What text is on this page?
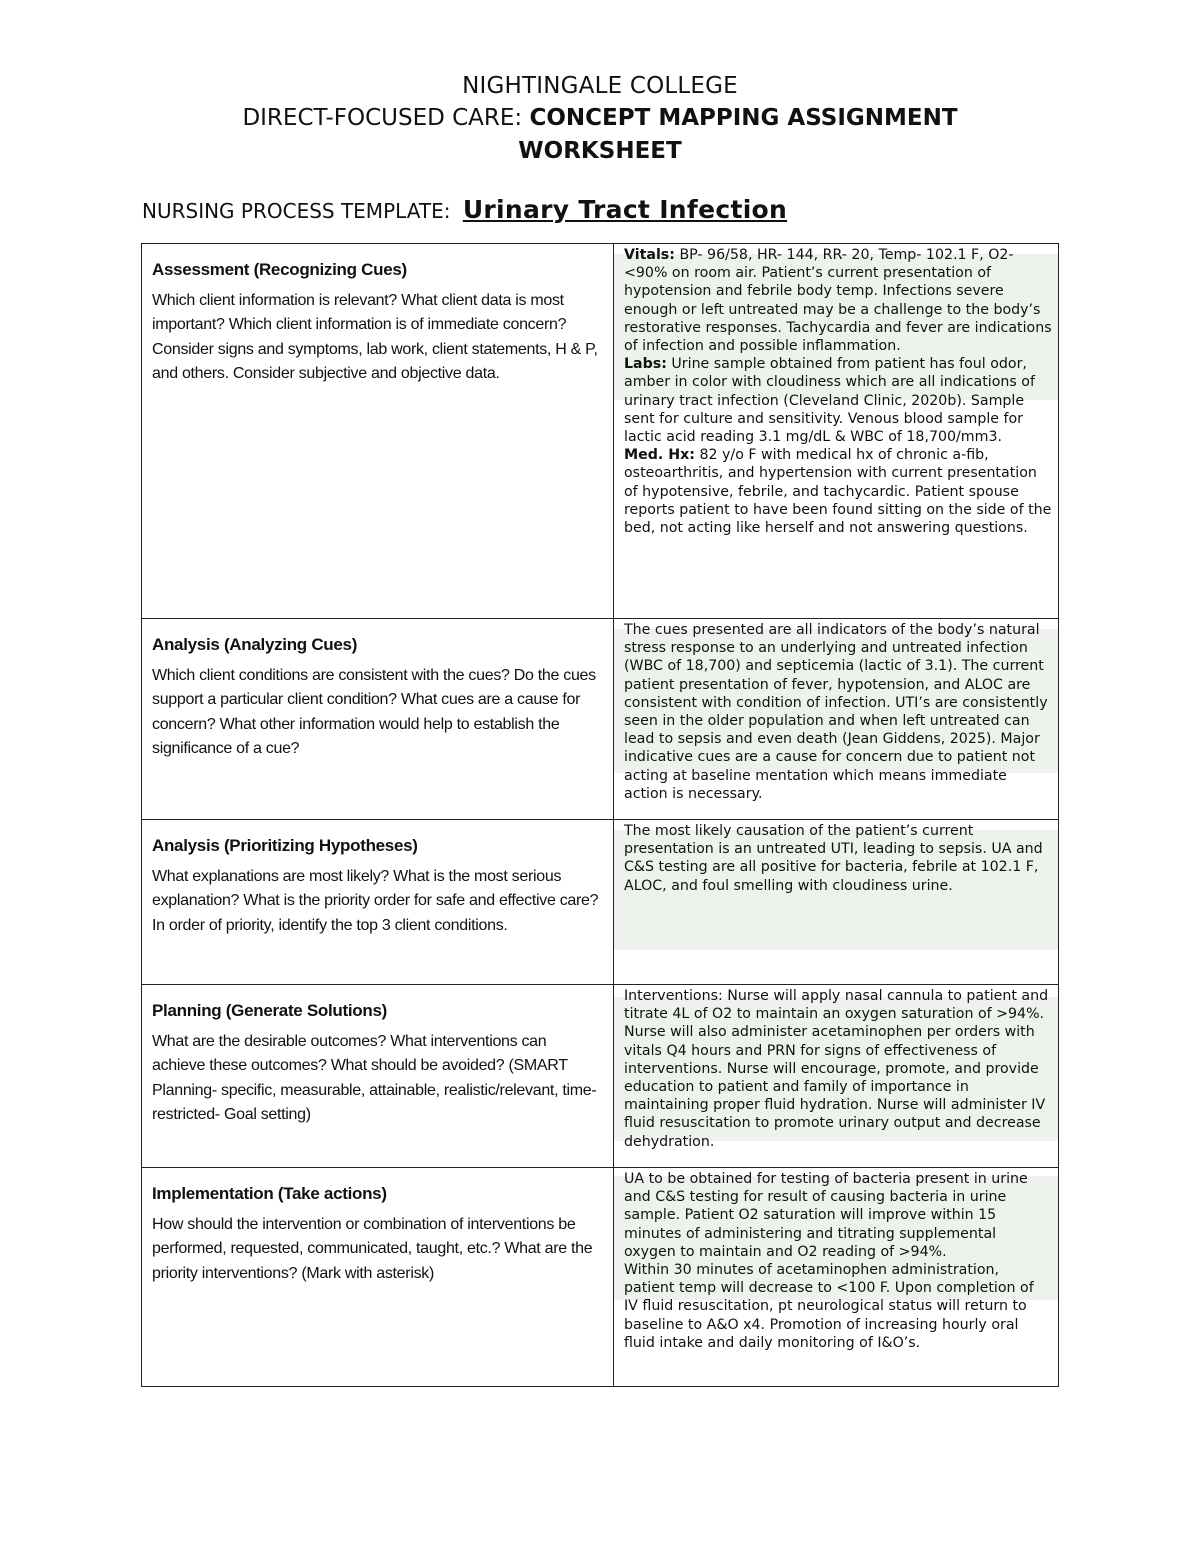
NIGHTINGALE COLLEGE
DIRECT-FOCUSED CARE: CONCEPT MAPPING ASSIGNMENT
WORKSHEET
NURSING PROCESS TEMPLATE: Urinary Tract Infection
Assessment (Recognizing Cues)
Which client information is relevant? What client data is most important? Which client information is of immediate concern? Consider signs and symptoms, lab work, client statements, H & P, and others. Consider subjective and objective data.

Vitals: BP- 96/58, HR- 144, RR- 20, Temp- 102.1 F, O2- <90% on room air. Patient’s current presentation of hypotension and febrile body temp. Infections severe enough or left untreated may be a challenge to the body’s restorative responses. Tachycardia and fever are indications of infection and possible inflammation.

Labs: Urine sample obtained from patient has foul odor, amber in color with cloudiness which are all indications of urinary tract infection (Cleveland Clinic, 2020b). Sample sent for culture and sensitivity. Venous blood sample for lactic acid reading 3.1 mg/dL & WBC of 18,700/mm3.

Med. Hx: 82 y/o F with medical hx of chronic a-fib, osteoarthritis, and hypertension with current presentation of hypotensive, febrile, and tachycardic. Patient spouse reports patient to have been found sitting on the side of the bed, not acting like herself and not answering questions.

Analysis (Analyzing Cues)
Which client conditions are consistent with the cues? Do the cues support a particular client condition? What cues are a cause for concern? What other information would help to establish the significance of a cue?

The cues presented are all indicators of the body’s natural stress response to an underlying and untreated infection (WBC of 18,700) and septicemia (lactic of 3.1). The current patient presentation of fever, hypotension, and ALOC are consistent with condition of infection. UTI’s are consistently seen in the older population and when left untreated can lead to sepsis and even death (Jean Giddens, 2025). Major indicative cues are a cause for concern due to patient not acting at baseline mentation which means immediate action is necessary.

Analysis (Prioritizing Hypotheses)
What explanations are most likely? What is the most serious explanation? What is the priority order for safe and effective care? In order of priority, identify the top 3 client conditions.

The most likely causation of the patient’s current presentation is an untreated UTI, leading to sepsis. UA and C&S testing are all positive for bacteria, febrile at 102.1 F, ALOC, and foul smelling with cloudiness urine.

Planning (Generate Solutions)
What are the desirable outcomes? What interventions can achieve these outcomes? What should be avoided? (SMART Planning- specific, measurable, attainable, realistic/relevant, time-restricted- Goal setting)

Interventions: Nurse will apply nasal cannula to patient and titrate 4L of O2 to maintain an oxygen saturation of >94%. Nurse will also administer acetaminophen per orders with vitals Q4 hours and PRN for signs of effectiveness of interventions. Nurse will encourage, promote, and provide education to patient and family of importance in maintaining proper fluid hydration. Nurse will administer IV fluid resuscitation to promote urinary output and decrease dehydration.

Implementation (Take actions)
How should the intervention or combination of interventions be performed, requested, communicated, taught, etc.? What are the priority interventions? (Mark with asterisk)

UA to be obtained for testing of bacteria present in urine and C&S testing for result of causing bacteria in urine sample. Patient O2 saturation will improve within 15 minutes of administering and titrating supplemental oxygen to maintain and O2 reading of >94%.

Within 30 minutes of acetaminophen administration, patient temp will decrease to <100 F. Upon completion of IV fluid resuscitation, pt neurological status will return to baseline to A&O x4. Promotion of increasing hourly oral fluid intake and daily monitoring of I&O’s.
